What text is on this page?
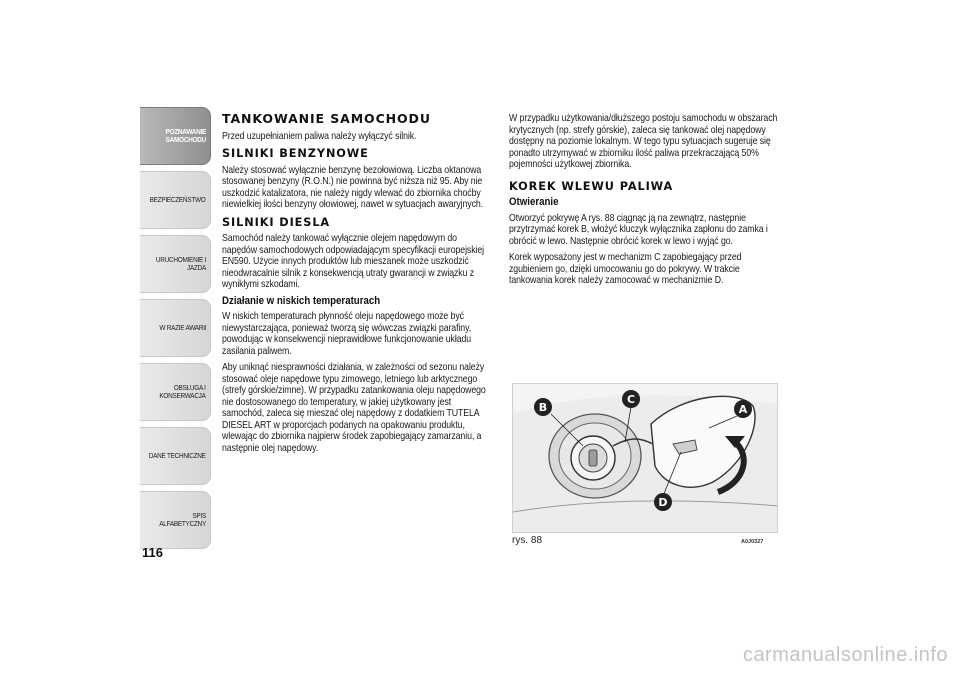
POZNAWANIE
SAMOCHODU
BEZPIECZEŃSTWO
URUCHOMIENIE I
JAZDA
W RAZIE AWARII
OBSŁUGA I
KONSERWACJA
DANE TECHNICZNE
SPIS ALFABETYCZNY
116
TANKOWANIE SAMOCHODU

Przed uzupełnianiem paliwa należy wyłączyć silnik.

SILNIKI BENZYNOWE

Należy stosować wyłącznie benzynę bezołowiową. Liczba oktanowa stosowanej benzyny (R.O.N.) nie powinna być niższa niż 95. Aby nie uszkodzić katalizatora, nie należy nigdy wlewać do zbiornika choćby niewielkiej ilości benzyny ołowiowej, nawet w sytuacjach awaryjnych.

SILNIKI DIESLA

Samochód należy tankować wyłącznie olejem napędowym do napędów samochodowych odpowiadającym specyfikacji europejskiej EN590. Użycie innych produktów lub mieszanek może uszkodzić nieodwracalnie silnik z konsekwencją utraty gwarancji w związku z wynikłymi szkodami.

Działanie w niskich temperaturach

W niskich temperaturach płynność oleju napędowego może być niewystarczająca, ponieważ tworzą się wówczas związki parafiny, powodując w konsekwencji nieprawidłowe funkcjonowanie układu zasilania paliwem.

Aby uniknąć niesprawności działania, w zależności od sezonu należy stosować oleje napędowe typu zimowego, letniego lub arktycznego (strefy górskie/zimne). W przypadku zatankowania oleju napędowego nie dostosowanego do temperatury, w jakiej użytkowany jest samochód, zaleca się mieszać olej napędowy z dodatkiem TUTELA DIESEL ART w proporcjach podanych na opakowaniu produktu, wlewając do zbiornika najpierw środek zapobiegający zamarzaniu, a następnie olej napędowy.

W przypadku użytkowania/dłuższego postoju samochodu w obszarach krytycznych (np. strefy górskie), zaleca się tankować olej napędowy dostępny na poziomie lokalnym. W tego typu sytuacjach sugeruje się ponadto utrzymywać w zbiorniku ilość paliwa przekraczającą 50% pojemności użytkowej zbiornika.

KOREK WLEWU PALIWA
Otwieranie

Otworzyć pokrywę A rys. 88 ciągnąc ją na zewnątrz, następnie przytrzymać korek B, włożyć kluczyk wyłącznika zapłonu do zamka i obrócić w lewo. Następnie obrócić korek w lewo i wyjąć go.

Korek wyposażony jest w mechanizm C zapobiegający przed zgubieniem go, dzięki umocowaniu go do pokrywy. W trakcie tankowania korek należy zamocować w mechanizmie D.

B
C
A
D
rys. 88	A0J0327
carmanualsonline.info
